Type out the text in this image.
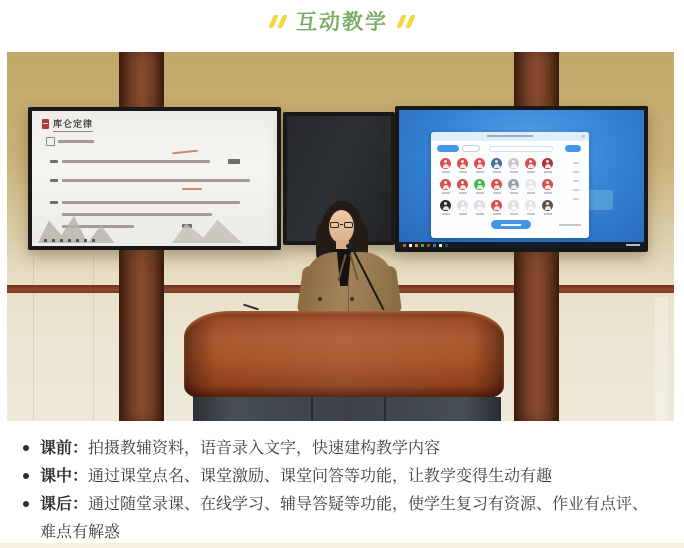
互动教学
库仑定律
课前：拍摄教辅资料，语音录入文字，快速建构教学内容
课中：通过课堂点名、课堂激励、课堂问答等功能，让教学变得生动有趣
课后：通过随堂录课、在线学习、辅导答疑等功能，使学生复习有资源、作业有点评、难点有解惑
